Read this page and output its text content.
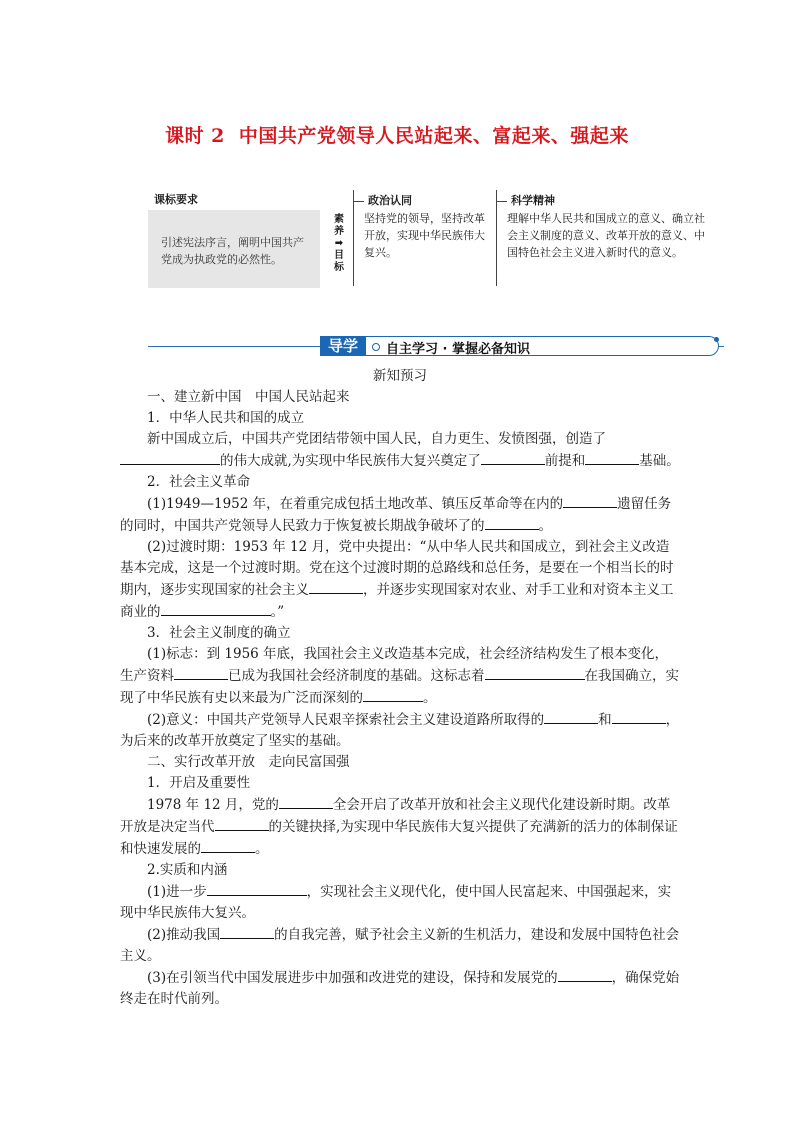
课时 2 中国共产党领导人民站起来、富起来、强起来
课标要求
引述宪法序言，阐明中国共产党成为执政党的必然性。
素养
➡
目标
政治认同
坚持党的领导，坚持改革开放，实现中华民族伟大复兴。
科学精神
理解中华人民共和国成立的意义、确立社会主义制度的意义、改革开放的意义、中国特色社会主义进入新时代的意义。
导学	自主学习 · 掌握必备知识

新知预习

一、建立新中国　中国人民站起来

1．中华人民共和国的成立

新中国成立后，中国共产党团结带领中国人民，自力更生、发愤图强，创造了的伟大成就,为实现中华民族伟大复兴奠定了	前提和	基础。

2．社会主义革命

(1)1949—1952 年，在着重完成包括土地改革、镇压反革命等在内的	遗留任务的同时，中国共产党领导人民致力于恢复被长期战争破坏了的	。

(2)过渡时期：1953 年 12 月，党中央提出：“从中华人民共和国成立，到社会主义改造基本完成，这是一个过渡时期。党在这个过渡时期的总路线和总任务，是要在一个相当长的时期内，逐步实现国家的社会主义	，并逐步实现国家对农业、对手工业和对资本主义工商业的	。”

3．社会主义制度的确立

(1)标志：到 1956 年底，我国社会主义改造基本完成，社会经济结构发生了根本变化，生产资料	已成为我国社会经济制度的基础。这标志着	在我国确立，实现了中华民族有史以来最为广泛而深刻的	。

(2)意义：中国共产党领导人民艰辛探索社会主义建设道路所取得的	和	，为后来的改革开放奠定了坚实的基础。

二、实行改革开放　走向民富国强

1．开启及重要性

1978 年 12 月，党的	全会开启了改革开放和社会主义现代化建设新时期。改革开放是决定当代	的关键抉择,为实现中华民族伟大复兴提供了充满新的活力的体制保证和快速发展的	。

2.实质和内涵

(1)进一步	，实现社会主义现代化，使中国人民富起来、中国强起来，实现中华民族伟大复兴。

(2)推动我国	的自我完善，赋予社会主义新的生机活力，建设和发展中国特色社会主义。

(3)在引领当代中国发展进步中加强和改进党的建设，保持和发展党的	，确保党始终走在时代前列。
